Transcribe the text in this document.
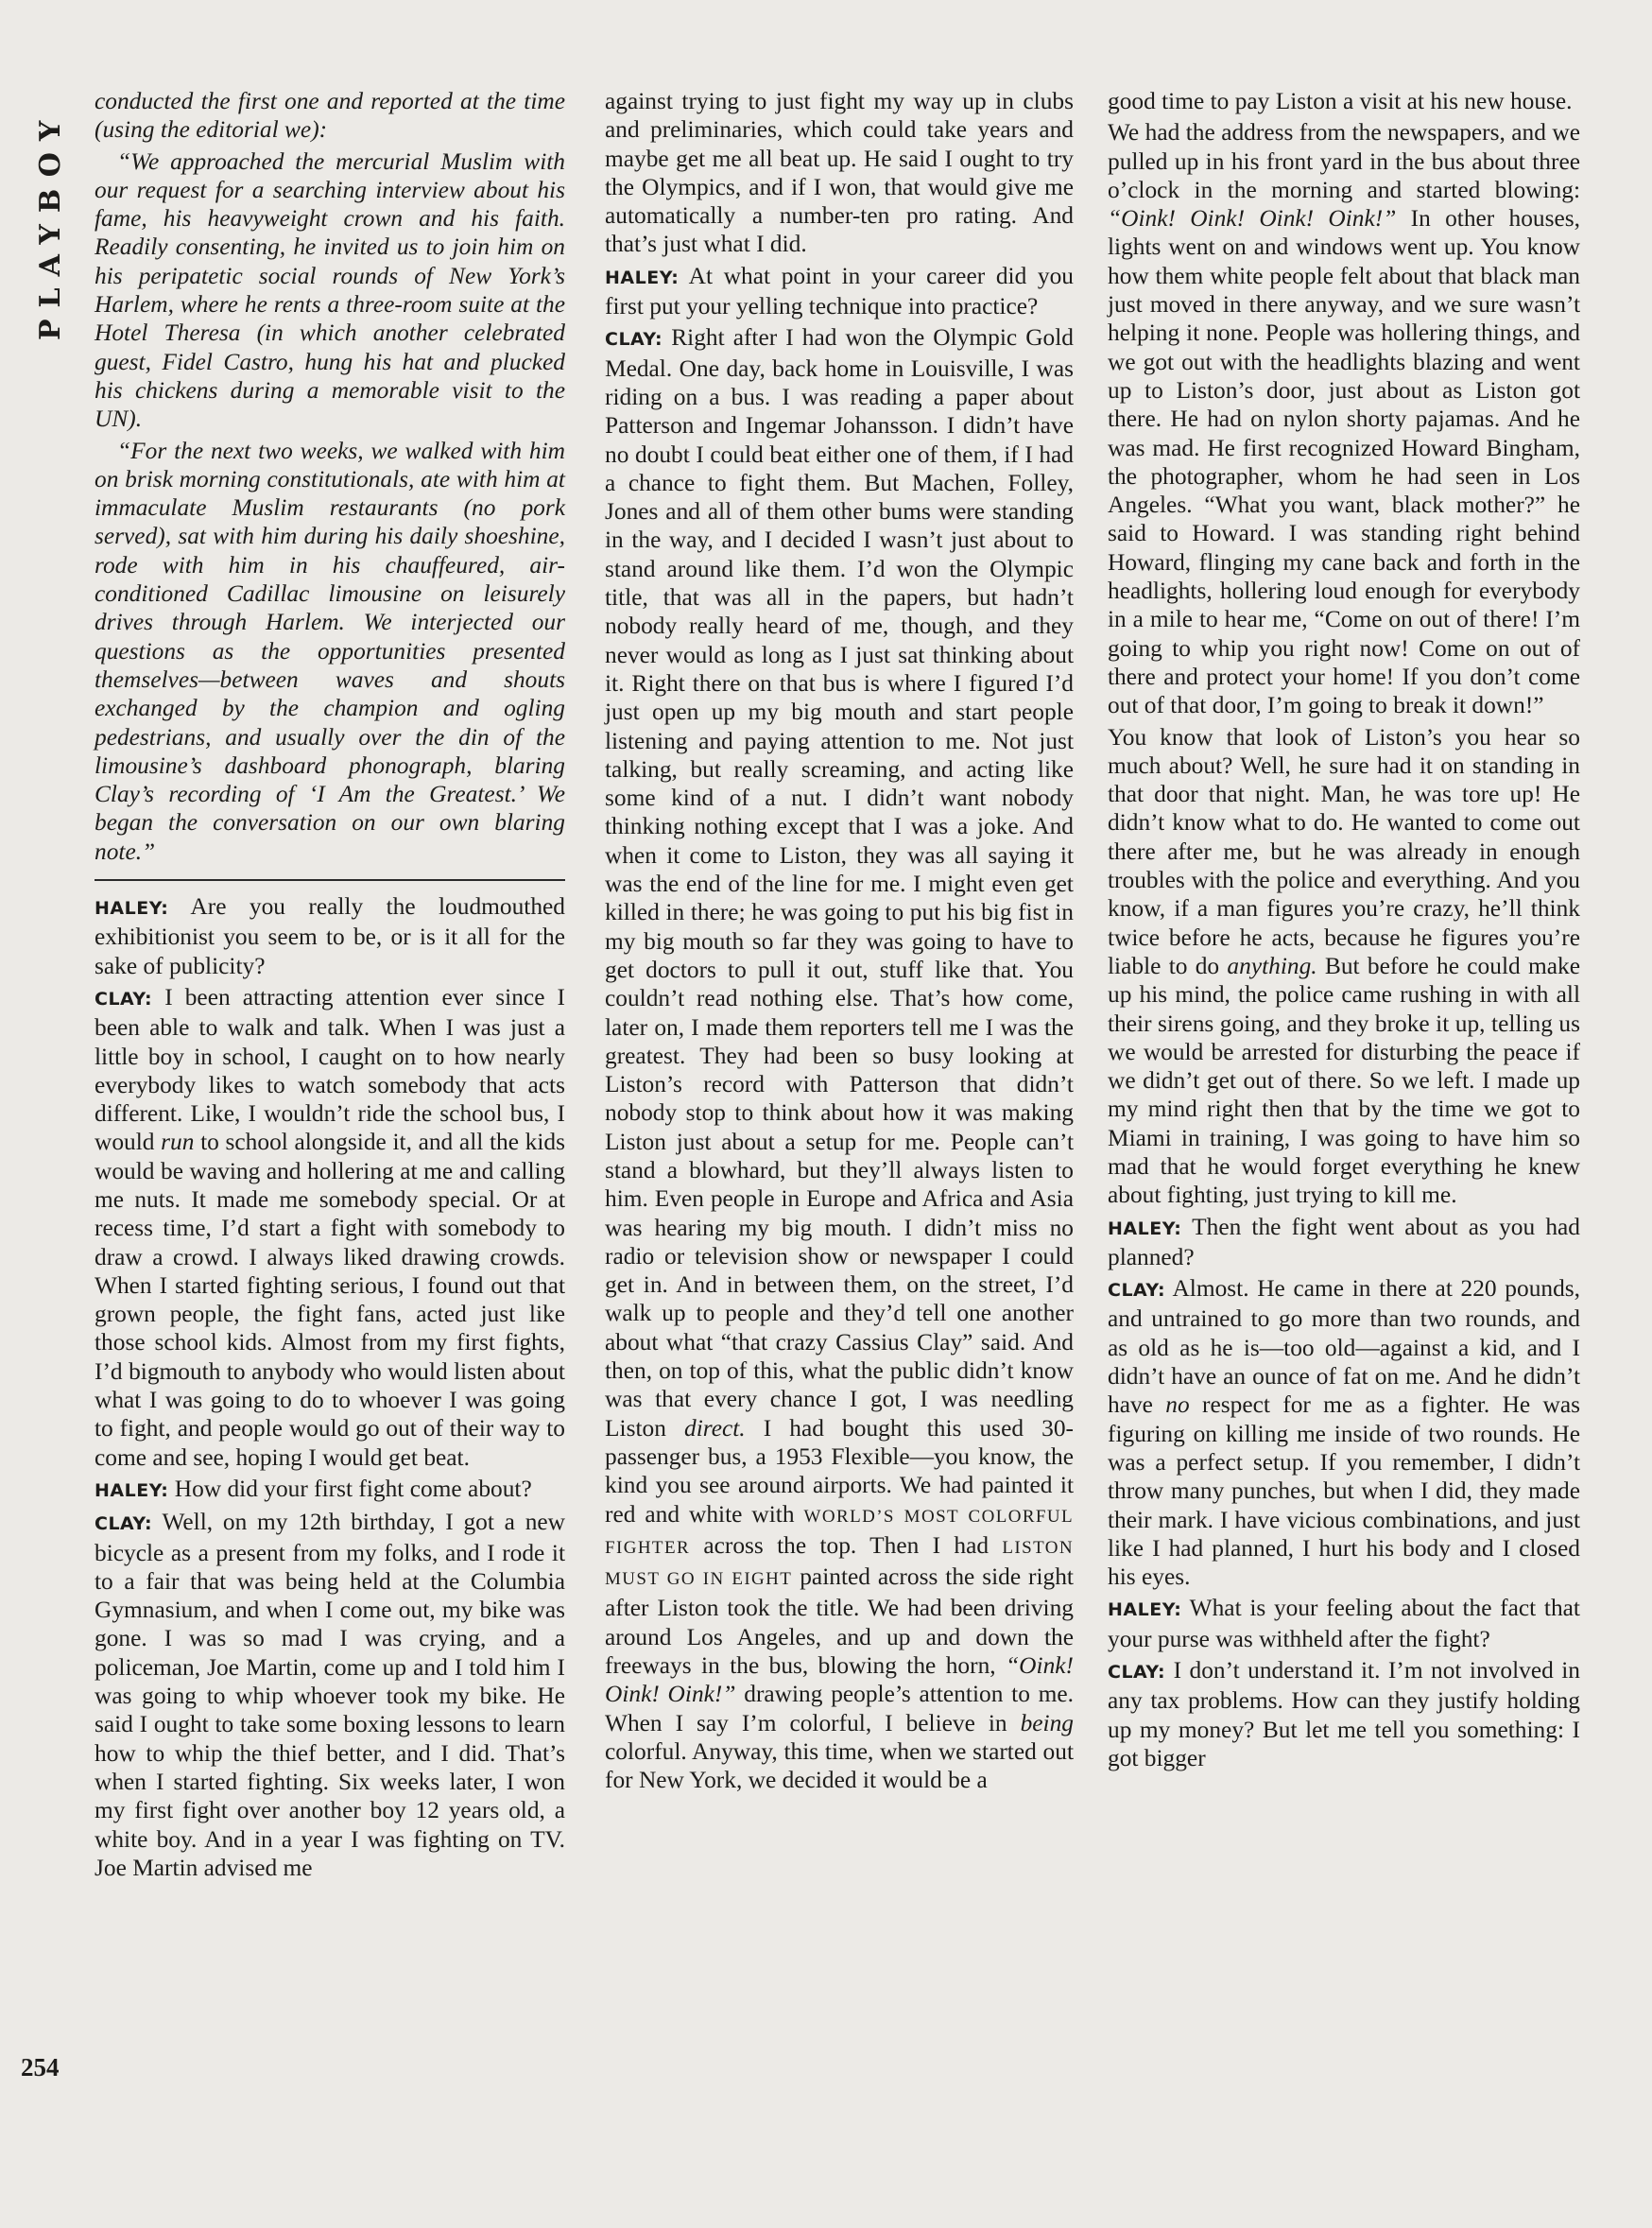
PLAYBOY
254

conducted the first one and reported at the time (using the editorial we):

“We approached the mercurial Muslim with our request for a searching interview about his fame, his heavyweight crown and his faith. Readily consenting, he invited us to join him on his peripatetic social rounds of New York’s Harlem, where he rents a three-room suite at the Hotel Theresa (in which another celebrated guest, Fidel Castro, hung his hat and plucked his chickens during a memorable visit to the UN).

“For the next two weeks, we walked with him on brisk morning constitutionals, ate with him at immaculate Muslim restaurants (no pork served), sat with him during his daily shoeshine, rode with him in his chauffeured, air-conditioned Cadillac limousine on leisurely drives through Harlem. We interjected our questions as the opportunities presented themselves—between waves and shouts exchanged by the champion and ogling pedestrians, and usually over the din of the limousine’s dashboard phonograph, blaring Clay’s recording of ‘I Am the Greatest.’ We began the conversation on our own blaring note.”

HALEY: Are you really the loudmouthed exhibitionist you seem to be, or is it all for the sake of publicity?

CLAY: I been attracting attention ever since I been able to walk and talk. When I was just a little boy in school, I caught on to how nearly everybody likes to watch somebody that acts different. Like, I wouldn’t ride the school bus, I would run to school alongside it, and all the kids would be waving and hollering at me and calling me nuts. It made me somebody special. Or at recess time, I’d start a fight with somebody to draw a crowd. I always liked drawing crowds. When I started fighting serious, I found out that grown people, the fight fans, acted just like those school kids. Almost from my first fights, I’d bigmouth to anybody who would listen about what I was going to do to whoever I was going to fight, and people would go out of their way to come and see, hoping I would get beat.

HALEY: How did your first fight come about?

CLAY: Well, on my 12th birthday, I got a new bicycle as a present from my folks, and I rode it to a fair that was being held at the Columbia Gymnasium, and when I come out, my bike was gone. I was so mad I was crying, and a policeman, Joe Martin, come up and I told him I was going to whip whoever took my bike. He said I ought to take some boxing lessons to learn how to whip the thief better, and I did. That’s when I started fighting. Six weeks later, I won my first fight over another boy 12 years old, a white boy. And in a year I was fighting on TV. Joe Martin advised me

against trying to just fight my way up in clubs and preliminaries, which could take years and maybe get me all beat up. He said I ought to try the Olympics, and if I won, that would give me automatically a number-ten pro rating. And that’s just what I did.

HALEY: At what point in your career did you first put your yelling technique into practice?

CLAY: Right after I had won the Olympic Gold Medal. One day, back home in Louisville, I was riding on a bus. I was reading a paper about Patterson and Ingemar Johansson. I didn’t have no doubt I could beat either one of them, if I had a chance to fight them. But Machen, Folley, Jones and all of them other bums were standing in the way, and I decided I wasn’t just about to stand around like them. I’d won the Olympic title, that was all in the papers, but hadn’t nobody really heard of me, though, and they never would as long as I just sat thinking about it. Right there on that bus is where I figured I’d just open up my big mouth and start people listening and paying attention to me. Not just talking, but really screaming, and acting like some kind of a nut. I didn’t want nobody thinking nothing except that I was a joke. And when it come to Liston, they was all saying it was the end of the line for me. I might even get killed in there; he was going to put his big fist in my big mouth so far they was going to have to get doctors to pull it out, stuff like that. You couldn’t read nothing else. That’s how come, later on, I made them reporters tell me I was the greatest. They had been so busy looking at Liston’s record with Patterson that didn’t nobody stop to think about how it was making Liston just about a setup for me. People can’t stand a blowhard, but they’ll always listen to him. Even people in Europe and Africa and Asia was hearing my big mouth. I didn’t miss no radio or television show or newspaper I could get in. And in between them, on the street, I’d walk up to people and they’d tell one another about what “that crazy Cassius Clay” said. And then, on top of this, what the public didn’t know was that every chance I got, I was needling Liston direct. I had bought this used 30-passenger bus, a 1953 Flexible—you know, the kind you see around airports. We had painted it red and white with WORLD’S MOST COLORFUL FIGHTER across the top. Then I had LISTON MUST GO IN EIGHT painted across the side right after Liston took the title. We had been driving around Los Angeles, and up and down the freeways in the bus, blowing the horn, “Oink! Oink! Oink!” drawing people’s attention to me. When I say I’m colorful, I believe in being colorful. Anyway, this time, when we started out for New York, we decided it would be a

good time to pay Liston a visit at his new house.

We had the address from the newspapers, and we pulled up in his front yard in the bus about three o’clock in the morning and started blowing: “Oink! Oink! Oink! Oink!” In other houses, lights went on and windows went up. You know how them white people felt about that black man just moved in there anyway, and we sure wasn’t helping it none. People was hollering things, and we got out with the headlights blazing and went up to Liston’s door, just about as Liston got there. He had on nylon shorty pajamas. And he was mad. He first recognized Howard Bingham, the photographer, whom he had seen in Los Angeles. “What you want, black mother?” he said to Howard. I was standing right behind Howard, flinging my cane back and forth in the headlights, hollering loud enough for everybody in a mile to hear me, “Come on out of there! I’m going to whip you right now! Come on out of there and protect your home! If you don’t come out of that door, I’m going to break it down!”

You know that look of Liston’s you hear so much about? Well, he sure had it on standing in that door that night. Man, he was tore up! He didn’t know what to do. He wanted to come out there after me, but he was already in enough troubles with the police and everything. And you know, if a man figures you’re crazy, he’ll think twice before he acts, because he figures you’re liable to do anything. But before he could make up his mind, the police came rushing in with all their sirens going, and they broke it up, telling us we would be arrested for disturbing the peace if we didn’t get out of there. So we left. I made up my mind right then that by the time we got to Miami in training, I was going to have him so mad that he would forget everything he knew about fighting, just trying to kill me.

HALEY: Then the fight went about as you had planned?

CLAY: Almost. He came in there at 220 pounds, and untrained to go more than two rounds, and as old as he is—too old—against a kid, and I didn’t have an ounce of fat on me. And he didn’t have no respect for me as a fighter. He was figuring on killing me inside of two rounds. He was a perfect setup. If you remember, I didn’t throw many punches, but when I did, they made their mark. I have vicious combinations, and just like I had planned, I hurt his body and I closed his eyes.

HALEY: What is your feeling about the fact that your purse was withheld after the fight?

CLAY: I don’t understand it. I’m not involved in any tax problems. How can they justify holding up my money? But let me tell you something: I got bigger
